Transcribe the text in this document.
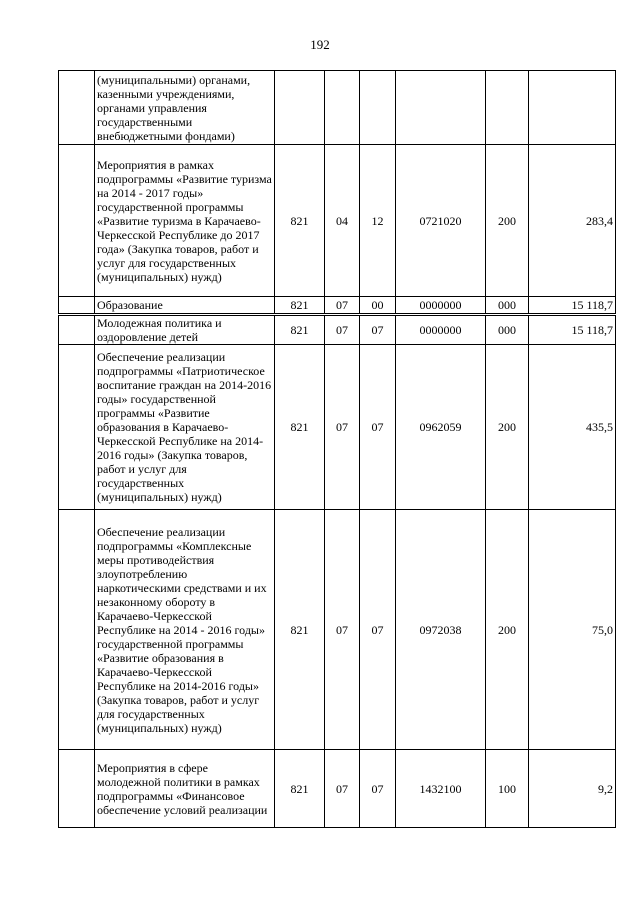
192
	(муниципальными) органами, казенными учреждениями, органами управления государственными внебюджетными фондами)						
	Мероприятия в рамках подпрограммы «Развитие туризма на 2014 - 2017 годы» государственной программы «Развитие туризма в Карачаево-Черкесской Республике до 2017 года» (Закупка товаров, работ и услуг для государственных (муниципальных) нужд)	821	04	12	0721020	200	283,4
	Образование	821	07	00	0000000	000	15 118,7
	Молодежная политика и оздоровление детей	821	07	07	0000000	000	15 118,7
	Обеспечение реализации подпрограммы «Патриотическое воспитание граждан на 2014-2016 годы» государственной программы «Развитие образования в Карачаево-Черкесской Республике на 2014-2016 годы» (Закупка товаров, работ и услуг для государственных (муниципальных) нужд)	821	07	07	0962059	200	435,5
	Обеспечение реализации подпрограммы «Комплексные меры противодействия злоупотреблению наркотическими средствами и их незаконному обороту в Карачаево-Черкесской Республике на 2014 - 2016 годы» государственной программы «Развитие образования в Карачаево-Черкесской Республике на 2014-2016 годы» (Закупка товаров, работ и услуг для государственных (муниципальных) нужд)	821	07	07	0972038	200	75,0
	Мероприятия в сфере молодежной политики в рамках подпрограммы «Финансовое обеспечение условий реализации	821	07	07	1432100	100	9,2
